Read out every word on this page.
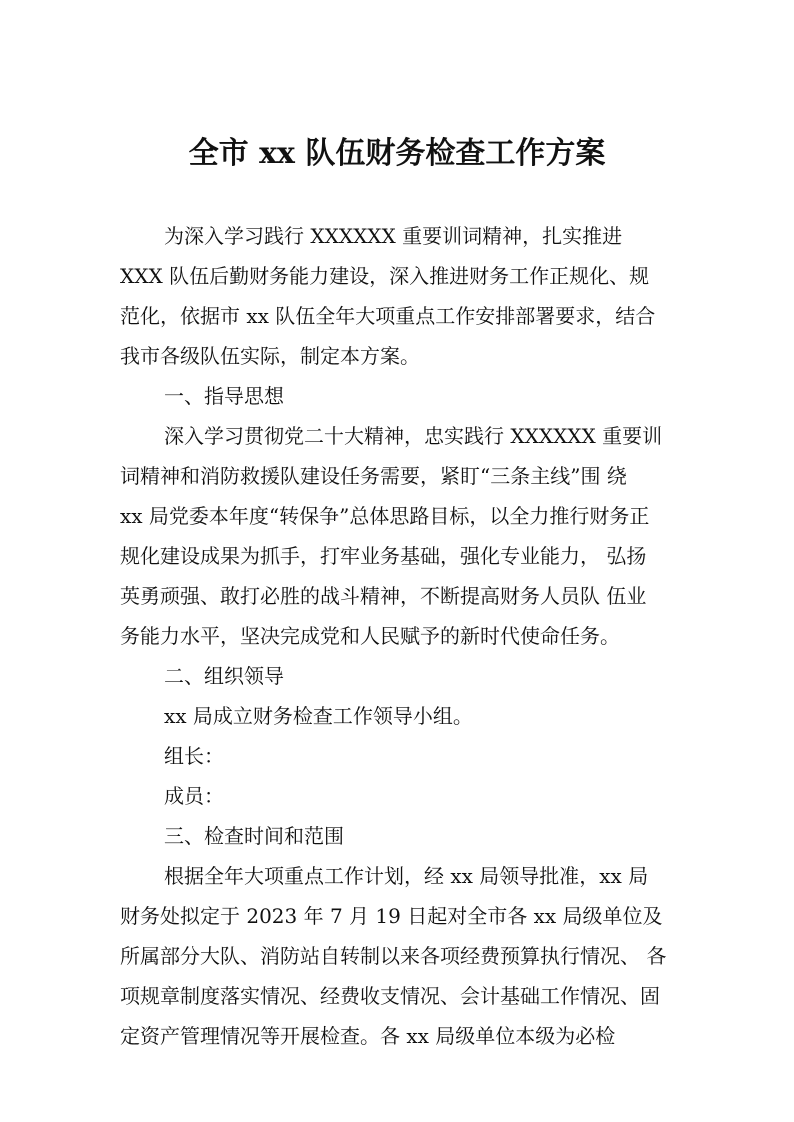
全市 xx 队伍财务检查工作方案
为深入学习践行 XXXXXX 重要训词精神，扎实推进
XXX 队伍后勤财务能力建设，深入推进财务工作正规化、规
范化，依据市 xx 队伍全年大项重点工作安排部署要求，结合
我市各级队伍实际，制定本方案。
一、指导思想
深入学习贯彻党二十大精神，忠实践行 XXXXXX 重要训
词精神和消防救援队建设任务需要，紧盯“三条主线”围 绕
xx 局党委本年度“转保争”总体思路目标，以全力推行财务正
规化建设成果为抓手，打牢业务基础，强化专业能力， 弘扬
英勇顽强、敢打必胜的战斗精神，不断提高财务人员队 伍业
务能力水平，坚决完成党和人民赋予的新时代使命任务。
二、组织领导
xx 局成立财务检查工作领导小组。
组长：
成员：
三、检查时间和范围
根据全年大项重点工作计划，经 xx 局领导批准，xx 局
财务处拟定于 2023 年 7 月 19 日起对全市各 xx 局级单位及
所属部分大队、消防站自转制以来各项经费预算执行情况、 各
项规章制度落实情况、经费收支情况、会计基础工作情况、固
定资产管理情况等开展检查。各 xx 局级单位本级为必检
